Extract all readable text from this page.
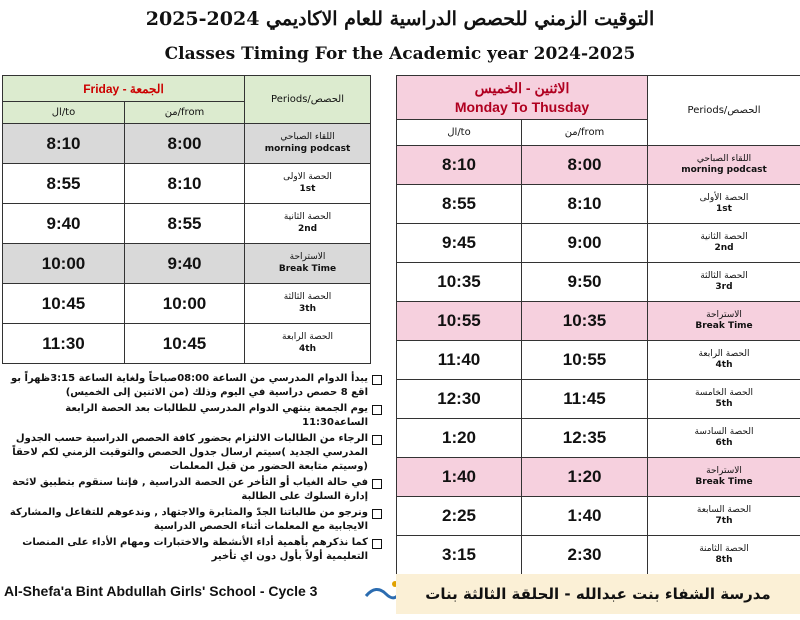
التوقيت الزمني للحصص الدراسية للعام الاكاديمي 2024-2025
Classes Timing For the Academic year 2024-2025
Friday الجمعة -		Periods/الحصص
ال/to	من/from	
8:10	8:00	اللقاء الصباحي
morning podcast

8:55	8:10	الحصة الاولى
1st

9:40	8:55	الحصة الثانية
2nd

10:00	9:40	الاستراحة
Break Time

10:45	10:00	الحصة الثالثة
3th

11:30	10:45	الحصة الرابعة
4th
الاثنين - الخميس
Monday To Thusday		Periods/الحصص
ال/to	من/from	
8:10	8:00	اللقاء الصباحي
morning podcast

8:55	8:10	الحصة الأولى
1st

9:45	9:00	الحصة الثانية
2nd

10:35	9:50	الحصة الثالثة
3rd

10:55	10:35	الاستراحة
Break Time

11:40	10:55	الحصة الرابعة
4th

12:30	11:45	الحصة الخامسة
5th

1:20	12:35	الحصة السادسة
6th

1:40	1:20	الاستراحة
Break Time

2:25	1:40	الحصة السابعة
7th

3:15	2:30	الحصة الثامنة
8th
يبدأ الدوام المدرسي من الساعة 08:00صباحاً ولغاية الساعة 3:15ظهراً بو اقع 8 حصص دراسية في اليوم وذلك (من الاثنين إلى الخميس)
يوم الجمعة ينتهي الدوام المدرسي للطالبات بعد الحصة الرابعة الساعة11:30
الرجاء من الطالبات الالتزام بحضور كافة الحصص الدراسية حسب الجدول المدرسي الجديد )سيتم ارسال جدول الحصص والتوقيت الزمني لكم لاحقاً (وسيتم متابعة الحضور من قبل المعلمات
في حالة الغياب أو التأخر عن الحصة الدراسية , فإننا سنقوم بتطبيق لائحة إدارة السلوك على الطالبة
ونرجو من طالباتنا الجدّ والمثابرة والاجتهاد , وندعوهم للتفاعل والمشاركة الايجابية مع المعلمات أثناء الحصص الدراسية
كما نذكرهم بأهمية أداء الأنشطة والاختبارات ومهام الأداء على المنصات التعليمية أولاً بأول دون اي تأخير
Al-Shefa'a Bint Abdullah Girls' School - Cycle 3	مدرسة الشفاء بنت عبدالله - الحلقة الثالثة بنات
